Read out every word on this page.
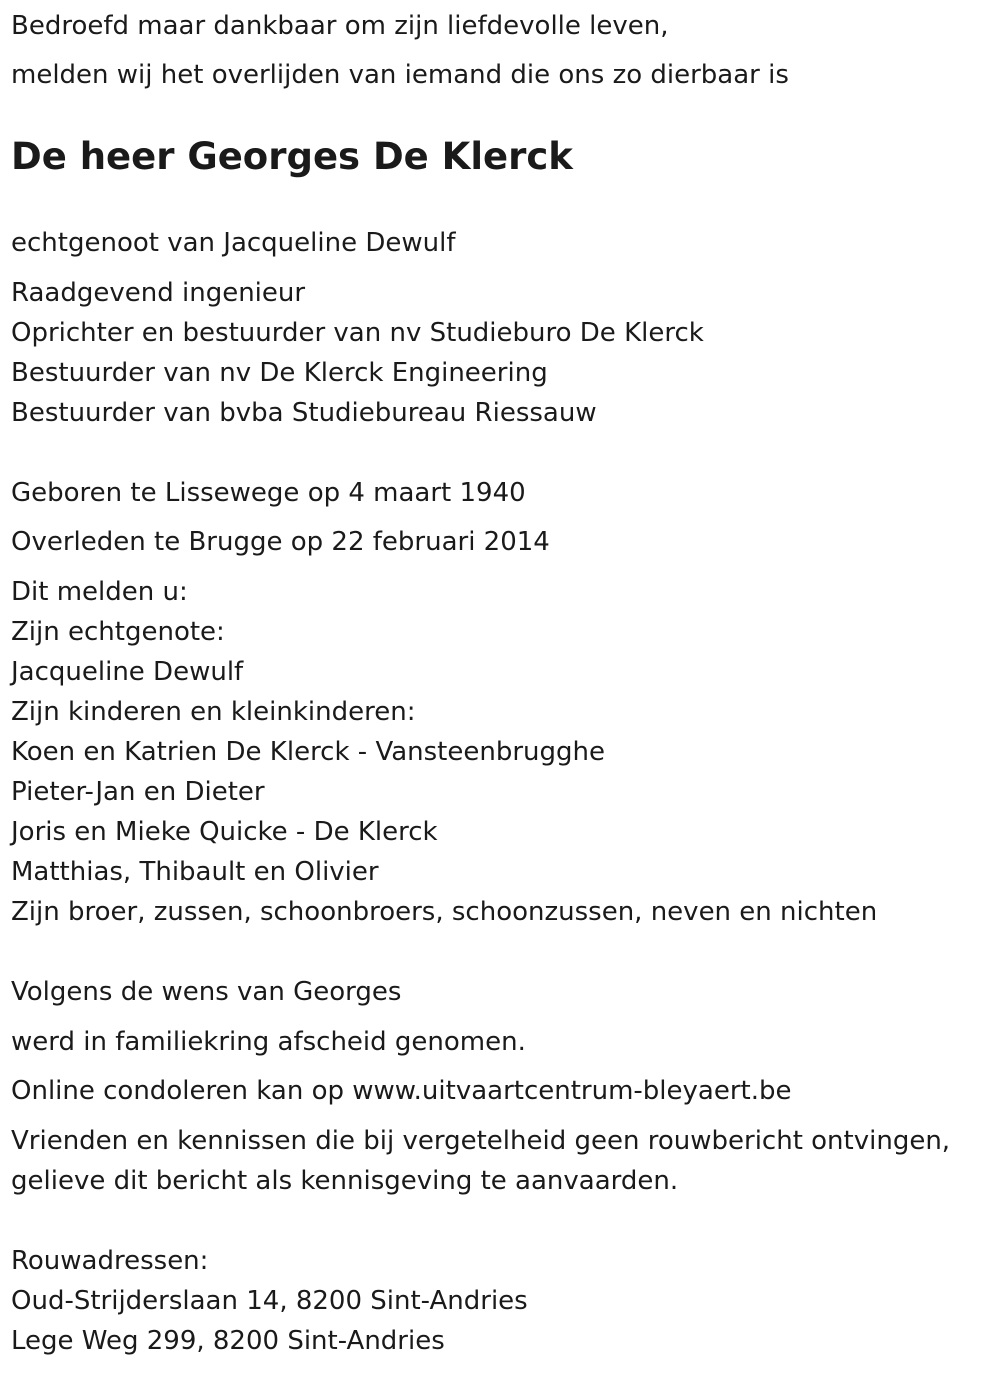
Bedroefd maar dankbaar om zijn liefdevolle leven,
melden wij het overlijden van iemand die ons zo dierbaar is
De heer Georges De Klerck
echtgenoot van Jacqueline Dewulf
Raadgevend ingenieur
Oprichter en bestuurder van nv Studieburo De Klerck
Bestuurder van nv De Klerck Engineering
Bestuurder van bvba Studiebureau Riessauw
Geboren te Lissewege op 4 maart 1940
Overleden te Brugge op 22 februari 2014
Dit melden u:
Zijn echtgenote:
Jacqueline Dewulf
Zijn kinderen en kleinkinderen:
Koen en Katrien De Klerck - Vansteenbrugghe
Pieter-Jan en Dieter
Joris en Mieke Quicke - De Klerck
Matthias, Thibault en Olivier
Zijn broer, zussen, schoonbroers, schoonzussen, neven en nichten
Volgens de wens van Georges
werd in familiekring afscheid genomen.
Online condoleren kan op www.uitvaartcentrum-bleyaert.be
Vrienden en kennissen die bij vergetelheid geen rouwbericht ontvingen,
gelieve dit bericht als kennisgeving te aanvaarden.
Rouwadressen:
Oud-Strijderslaan 14, 8200 Sint-Andries
Lege Weg 299, 8200 Sint-Andries
